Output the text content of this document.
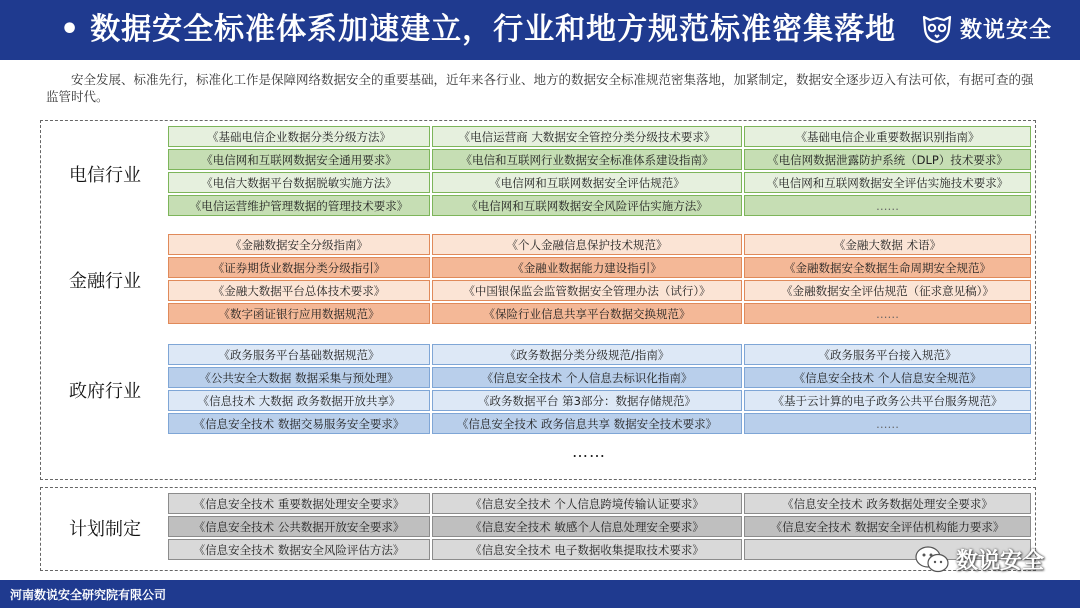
• 数据安全标准体系加速建立，行业和地方规范标准密集落地	数说安全
安全发展、标准先行，标准化工作是保障网络数据安全的重要基础，近年来各行业、地方的数据安全标准规范密集落地，加紧制定，数据安全逐步迈入有法可依，有据可查的强监管时代。
电信行业
《基础电信企业数据分类分级方法》	《电信运营商 大数据安全管控分类分级技术要求》	《基础电信企业重要数据识别指南》
《电信网和互联网数据安全通用要求》	《电信和互联网行业数据安全标准体系建设指南》	《电信网数据泄露防护系统（DLP）技术要求》
《电信大数据平台数据脱敏实施方法》	《电信网和互联网数据安全评估规范》	《电信网和互联网数据安全评估实施技术要求》
《电信运营维护管理数据的管理技术要求》	《电信网和互联网数据安全风险评估实施方法》	……
金融行业
《金融数据安全分级指南》	《个人金融信息保护技术规范》	《金融大数据 术语》
《证券期货业数据分类分级指引》	《金融业数据能力建设指引》	《金融数据安全数据生命周期安全规范》
《金融大数据平台总体技术要求》	《中国银保监会监管数据安全管理办法（试行）》	《金融数据安全评估规范（征求意见稿）》
《数字函证银行应用数据规范》	《保险行业信息共享平台数据交换规范》	……
政府行业
《政务服务平台基础数据规范》	《政务数据分类分级规范/指南》	《政务服务平台接入规范》
《公共安全大数据 数据采集与预处理》	《信息安全技术 个人信息去标识化指南》	《信息安全技术 个人信息安全规范》
《信息技术 大数据 政务数据开放共享》	《政务数据平台 第3部分：数据存储规范》	《基于云计算的电子政务公共平台服务规范》
《信息安全技术 数据交易服务安全要求》	《信息安全技术 政务信息共享 数据安全技术要求》	……
……
计划制定
《信息安全技术 重要数据处理安全要求》	《信息安全技术 个人信息跨境传输认证要求》	《信息安全技术 政务数据处理安全要求》
《信息安全技术 公共数据开放安全要求》	《信息安全技术 敏感个人信息处理安全要求》	《信息安全技术 数据安全评估机构能力要求》
《信息安全技术 数据安全风险评估方法》	《信息安全技术 电子数据收集提取技术要求》	数说安全
河南数说安全研究院有限公司
